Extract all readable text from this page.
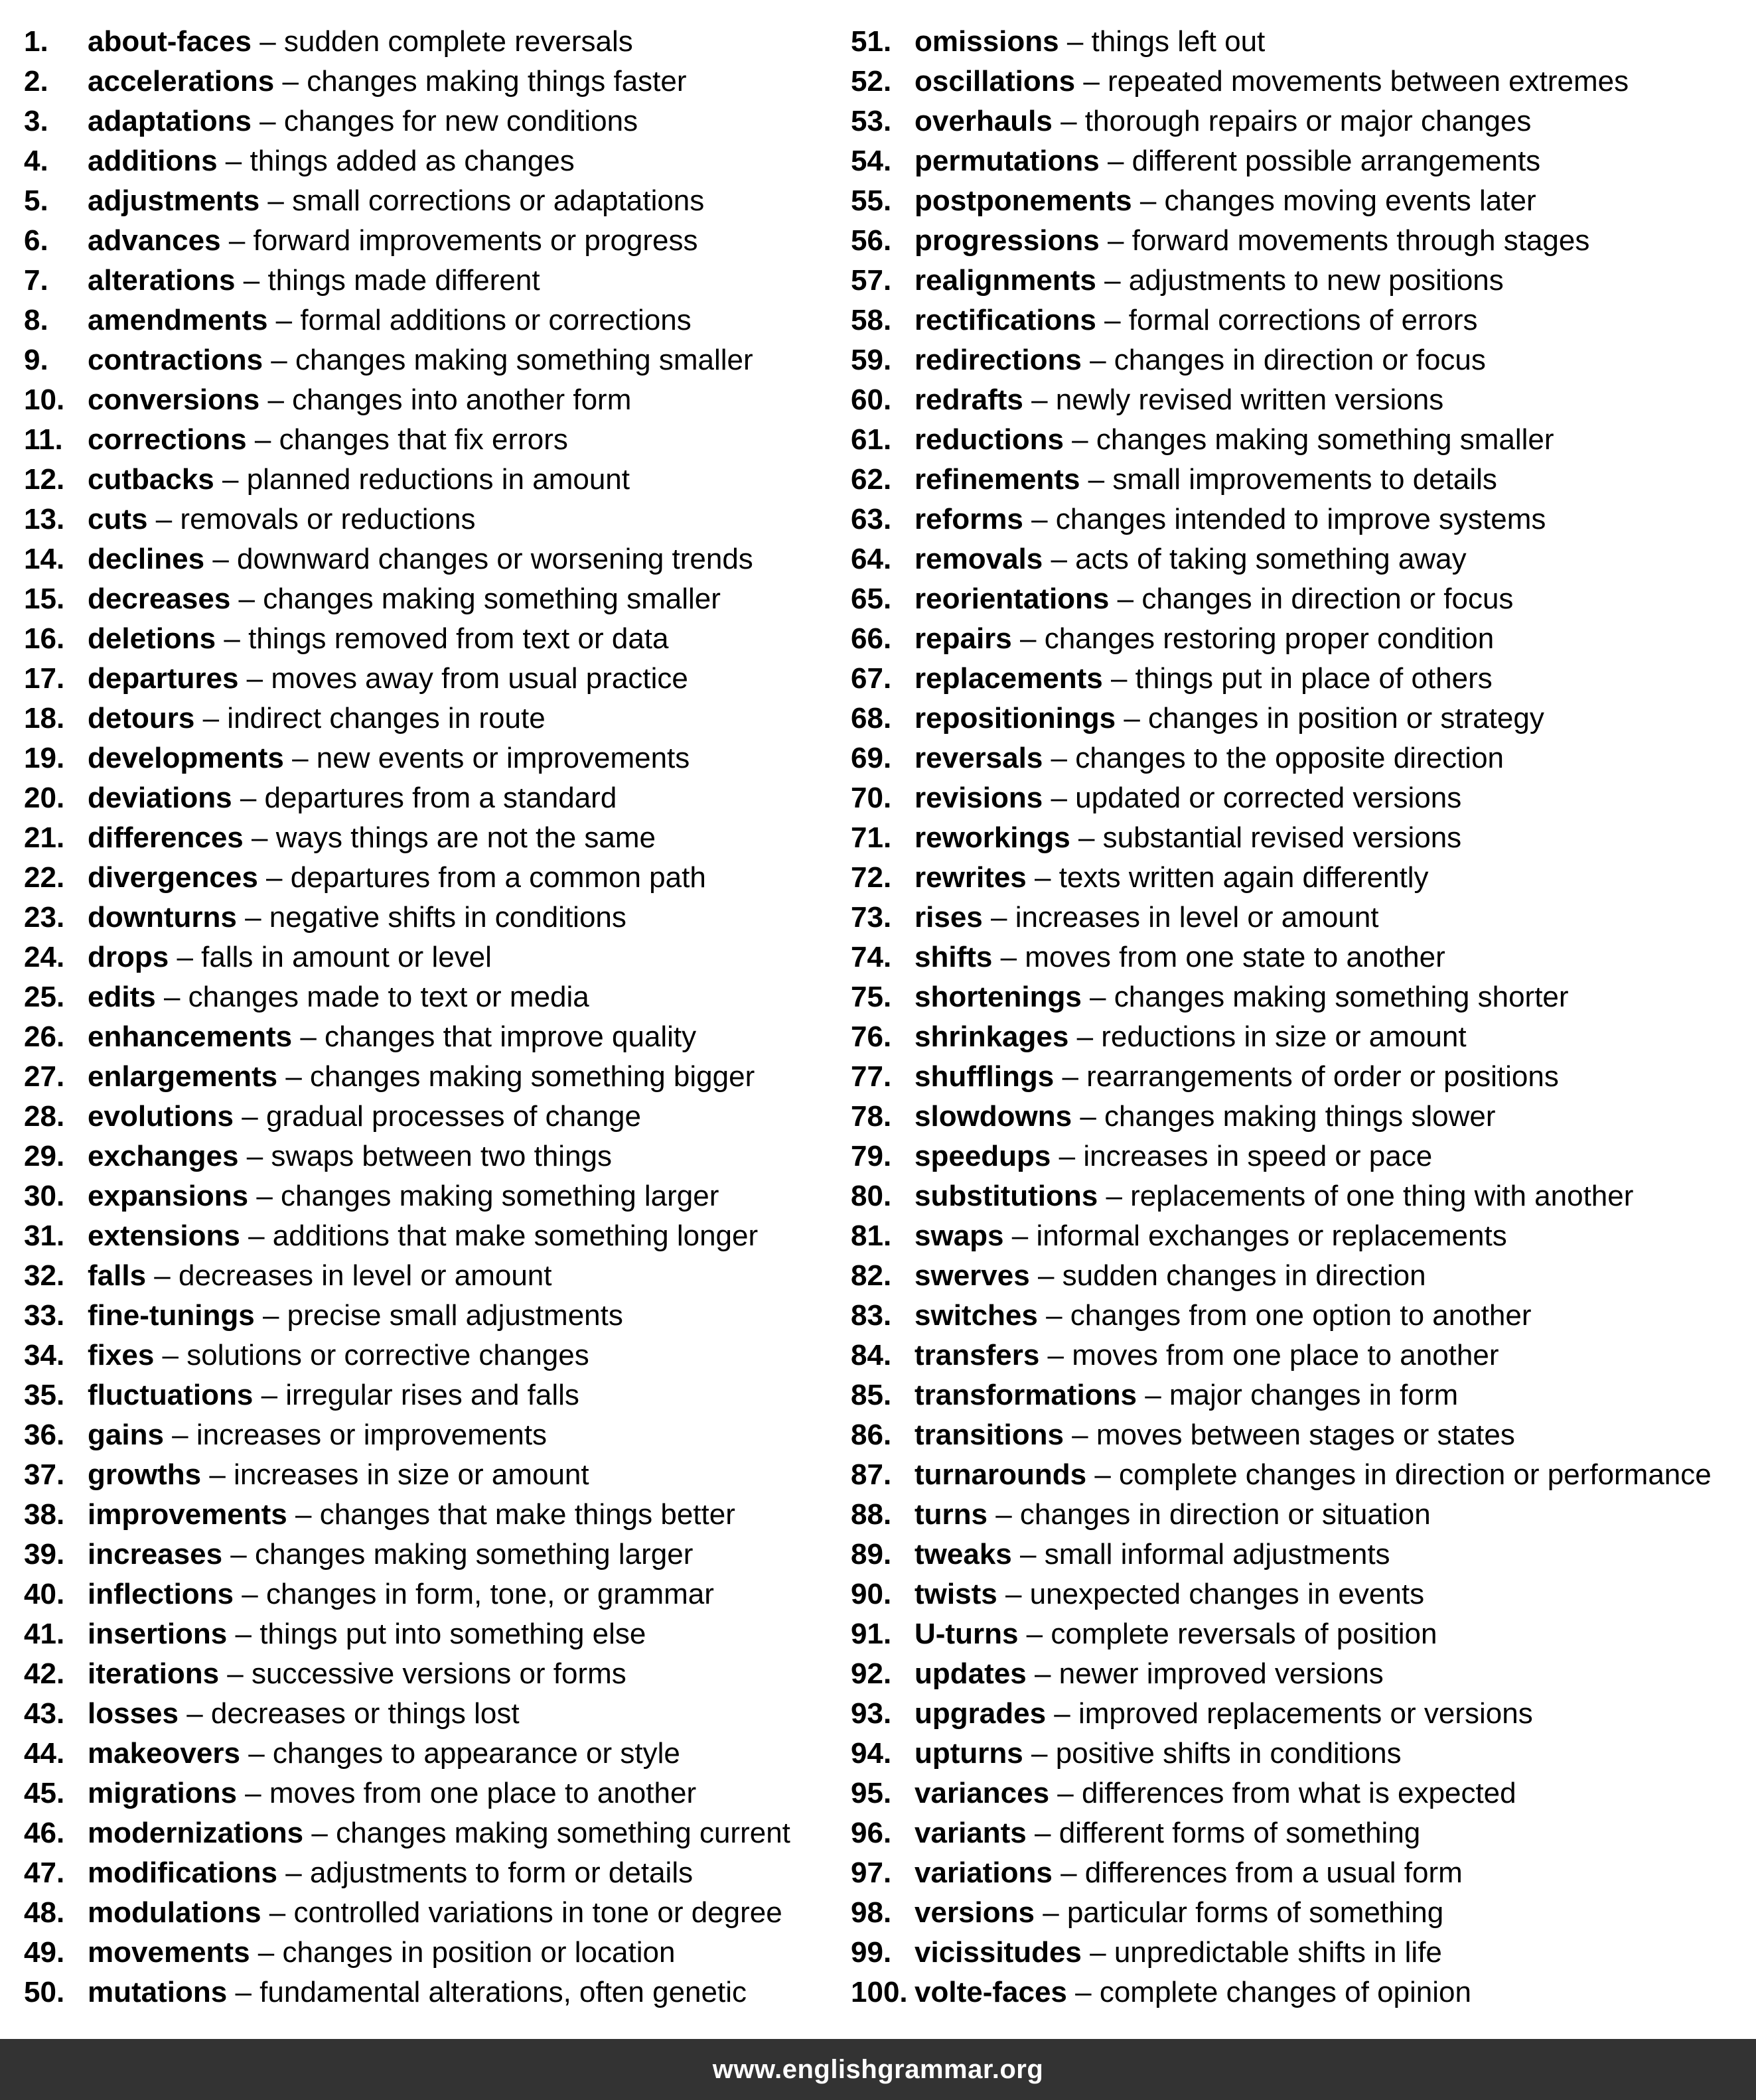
1. about-faces – sudden complete reversals
2. accelerations – changes making things faster
3. adaptations – changes for new conditions
4. additions – things added as changes
5. adjustments – small corrections or adaptations
6. advances – forward improvements or progress
7. alterations – things made different
8. amendments – formal additions or corrections
9. contractions – changes making something smaller
10. conversions – changes into another form
11. corrections – changes that fix errors
12. cutbacks – planned reductions in amount
13. cuts – removals or reductions
14. declines – downward changes or worsening trends
15. decreases – changes making something smaller
16. deletions – things removed from text or data
17. departures – moves away from usual practice
18. detours – indirect changes in route
19. developments – new events or improvements
20. deviations – departures from a standard
21. differences – ways things are not the same
22. divergences – departures from a common path
23. downturns – negative shifts in conditions
24. drops – falls in amount or level
25. edits – changes made to text or media
26. enhancements – changes that improve quality
27. enlargements – changes making something bigger
28. evolutions – gradual processes of change
29. exchanges – swaps between two things
30. expansions – changes making something larger
31. extensions – additions that make something longer
32. falls – decreases in level or amount
33. fine-tunings – precise small adjustments
34. fixes – solutions or corrective changes
35. fluctuations – irregular rises and falls
36. gains – increases or improvements
37. growths – increases in size or amount
38. improvements – changes that make things better
39. increases – changes making something larger
40. inflections – changes in form, tone, or grammar
41. insertions – things put into something else
42. iterations – successive versions or forms
43. losses – decreases or things lost
44. makeovers – changes to appearance or style
45. migrations – moves from one place to another
46. modernizations – changes making something current
47. modifications – adjustments to form or details
48. modulations – controlled variations in tone or degree
49. movements – changes in position or location
50. mutations – fundamental alterations, often genetic
51. omissions – things left out
52. oscillations – repeated movements between extremes
53. overhauls – thorough repairs or major changes
54. permutations – different possible arrangements
55. postponements – changes moving events later
56. progressions – forward movements through stages
57. realignments – adjustments to new positions
58. rectifications – formal corrections of errors
59. redirections – changes in direction or focus
60. redrafts – newly revised written versions
61. reductions – changes making something smaller
62. refinements – small improvements to details
63. reforms – changes intended to improve systems
64. removals – acts of taking something away
65. reorientations – changes in direction or focus
66. repairs – changes restoring proper condition
67. replacements – things put in place of others
68. repositionings – changes in position or strategy
69. reversals – changes to the opposite direction
70. revisions – updated or corrected versions
71. reworkings – substantial revised versions
72. rewrites – texts written again differently
73. rises – increases in level or amount
74. shifts – moves from one state to another
75. shortenings – changes making something shorter
76. shrinkages – reductions in size or amount
77. shufflings – rearrangements of order or positions
78. slowdowns – changes making things slower
79. speedups – increases in speed or pace
80. substitutions – replacements of one thing with another
81. swaps – informal exchanges or replacements
82. swerves – sudden changes in direction
83. switches – changes from one option to another
84. transfers – moves from one place to another
85. transformations – major changes in form
86. transitions – moves between stages or states
87. turnarounds – complete changes in direction or performance
88. turns – changes in direction or situation
89. tweaks – small informal adjustments
90. twists – unexpected changes in events
91. U-turns – complete reversals of position
92. updates – newer improved versions
93. upgrades – improved replacements or versions
94. upturns – positive shifts in conditions
95. variances – differences from what is expected
96. variants – different forms of something
97. variations – differences from a usual form
98. versions – particular forms of something
99. vicissitudes – unpredictable shifts in life
100. volte-faces – complete changes of opinion
www.englishgrammar.org
